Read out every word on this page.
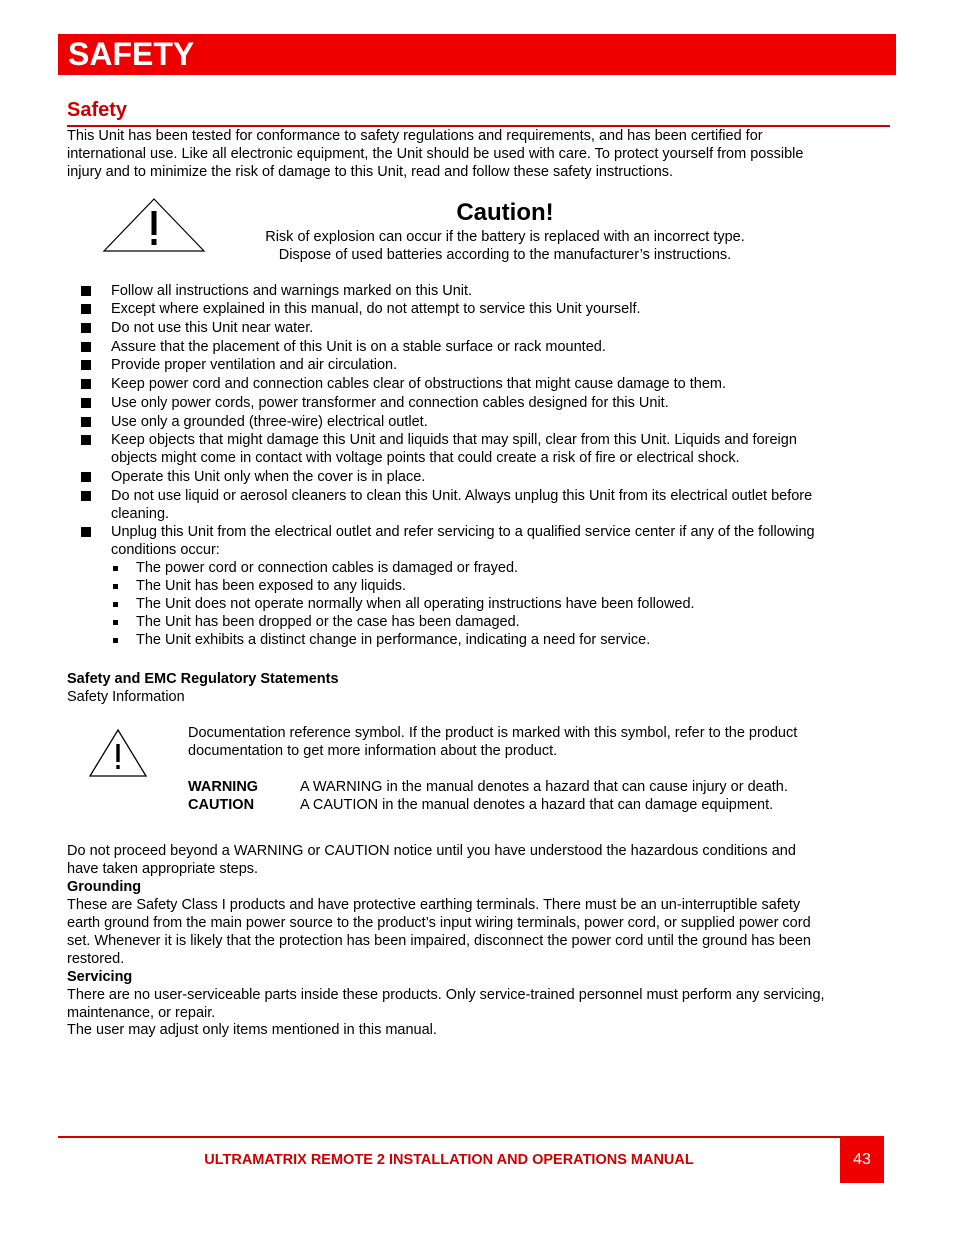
SAFETY
Safety
This Unit has been tested for conformance to safety regulations and requirements, and has been certified for
international use. Like all electronic equipment, the Unit should be used with care. To protect yourself from possible
injury and to minimize the risk of damage to this Unit, read and follow these safety instructions.
Caution!
Risk of explosion can occur if the battery is replaced with an incorrect type.
Dispose of used batteries according to the manufacturer’s instructions.
Follow all instructions and warnings marked on this Unit.
Except where explained in this manual, do not attempt to service this Unit yourself.
Do not use this Unit near water.
Assure that the placement of this Unit is on a stable surface or rack mounted.
Provide proper ventilation and air circulation.
Keep power cord and connection cables clear of obstructions that might cause damage to them.
Use only power cords, power transformer and connection cables designed for this Unit.
Use only a grounded (three-wire) electrical outlet.
Keep objects that might damage this Unit and liquids that may spill, clear from this Unit. Liquids and foreign
objects might come in contact with voltage points that could create a risk of fire or electrical shock.
Operate this Unit only when the cover is in place.
Do not use liquid or aerosol cleaners to clean this Unit. Always unplug this Unit from its electrical outlet before
cleaning.
Unplug this Unit from the electrical outlet and refer servicing to a qualified service center if any of the following
conditions occur:
The power cord or connection cables is damaged or frayed.
The Unit has been exposed to any liquids.
The Unit does not operate normally when all operating instructions have been followed.
The Unit has been dropped or the case has been damaged.
The Unit exhibits a distinct change in performance, indicating a need for service.
Safety and EMC Regulatory Statements
Safety Information
Documentation reference symbol. If the product is marked with this symbol, refer to the product
documentation to get more information about the product.
WARNING	A WARNING in the manual denotes a hazard that can cause injury or death.
CAUTION	A CAUTION in the manual denotes a hazard that can damage equipment.
Do not proceed beyond a WARNING or CAUTION notice until you have understood the hazardous conditions and
have taken appropriate steps.
Grounding
These are Safety Class I products and have protective earthing terminals. There must be an un-interruptible safety
earth ground from the main power source to the product’s input wiring terminals, power cord, or supplied power cord
set. Whenever it is likely that the protection has been impaired, disconnect the power cord until the ground has been
restored.
Servicing
There are no user-serviceable parts inside these products. Only service-trained personnel must perform any servicing,
maintenance, or repair.
The user may adjust only items mentioned in this manual.
ULTRAMATRIX REMOTE 2 INSTALLATION AND OPERATIONS MANUAL	43
